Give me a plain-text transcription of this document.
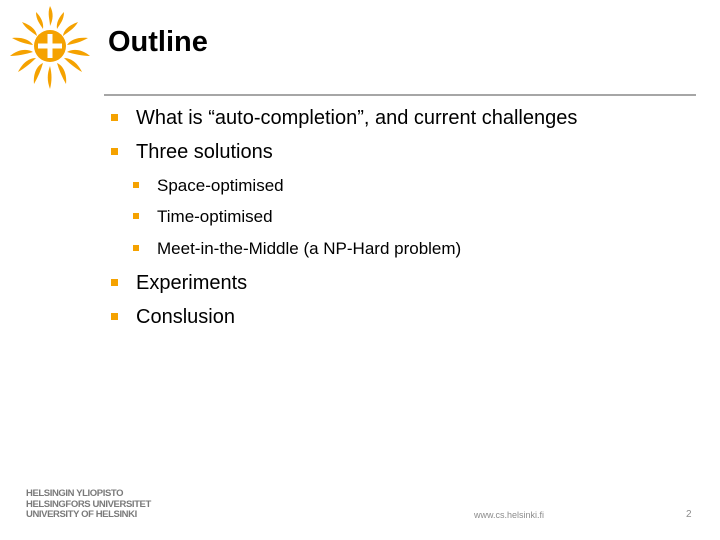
Outline
What is “auto-completion”, and current challenges
Three solutions
Space-optimised
Time-optimised
Meet-in-the-Middle (a NP-Hard problem)
Experiments
Conslusion
HELSINGIN YLIOPISTO
HELSINGFORS UNIVERSITET
UNIVERSITY OF HELSINKI	www.cs.helsinki.fi	2
